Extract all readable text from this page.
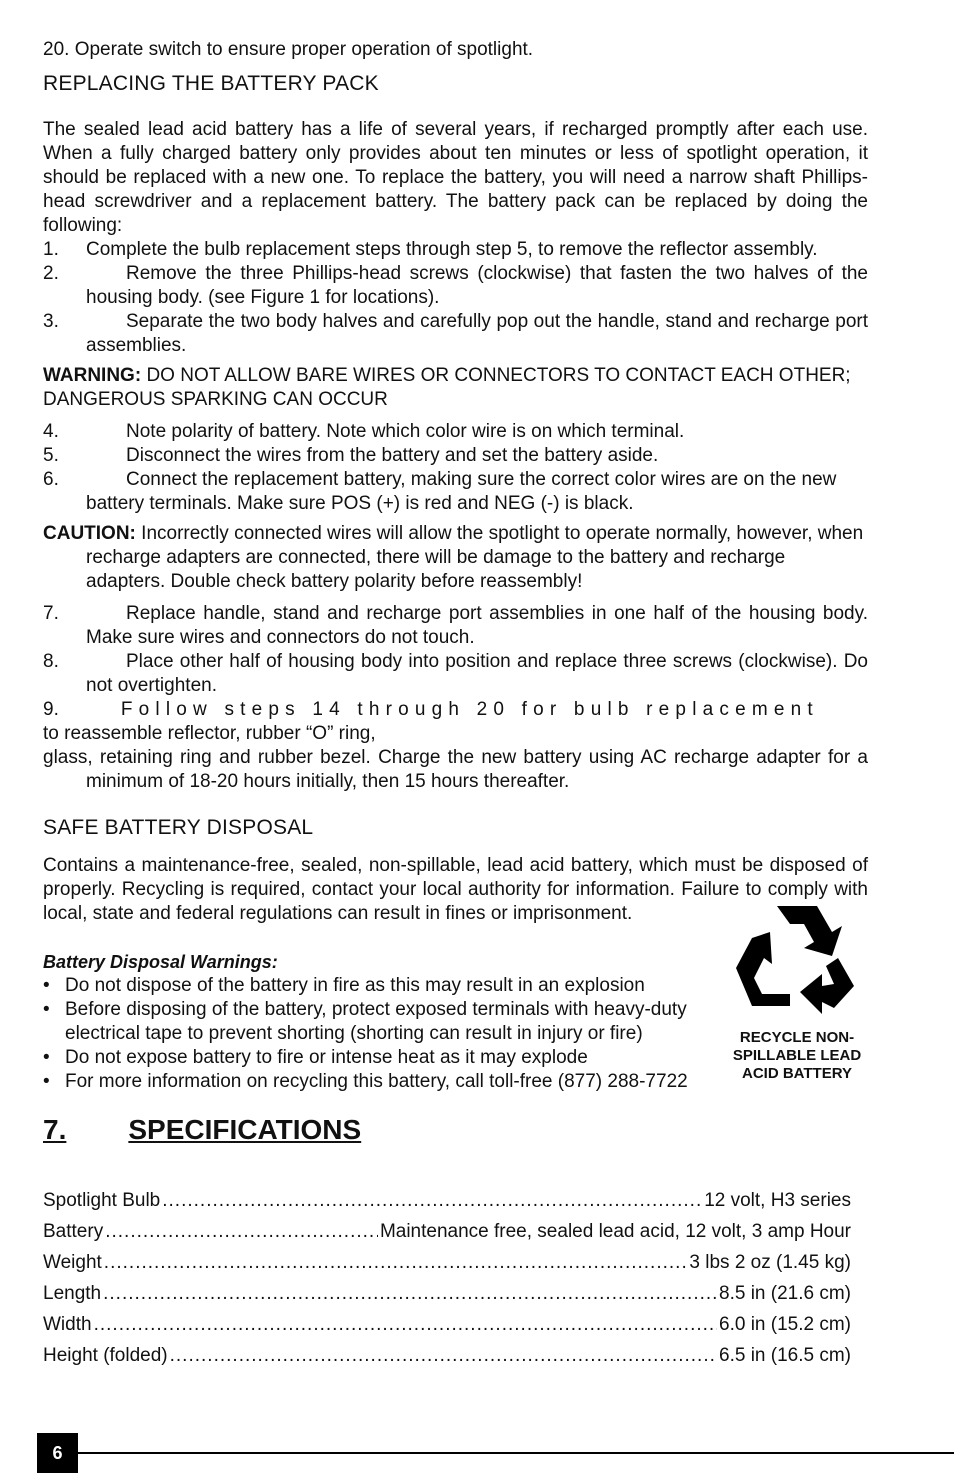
20. Operate switch to ensure proper operation of spotlight.

REPLACING THE BATTERY PACK

The sealed lead acid battery has a life of several years, if recharged promptly after each use. When a fully charged battery only provides about ten minutes or less of spotlight operation, it should be replaced with a new one. To replace the battery, you will need a narrow shaft Phillips-head screwdriver and a replacement battery. The battery pack can be replaced by doing the following:

1. Complete the bulb replacement steps through step 5, to remove the reflector assembly.

2.	Remove the three Phillips-head screws (clockwise) that fasten the two halves of the housing body. (see Figure 1 for locations).

3.	Separate the two body halves and carefully pop out the handle, stand and recharge port assemblies.

WARNING: DO NOT ALLOW BARE WIRES OR CONNECTORS TO CONTACT EACH OTHER; DANGEROUS SPARKING CAN OCCUR

4.	Note polarity of battery. Note which color wire is on which terminal.

5.	Disconnect the wires from the battery and set the battery aside.

6.	Connect the replacement battery, making sure the correct color wires are on the new battery terminals. Make sure POS (+) is red and NEG (-) is black.

CAUTION: Incorrectly connected wires will allow the spotlight to operate normally, however, when recharge adapters are connected, there will be damage to the battery and recharge adapters. Double check battery polarity before reassembly!

7.	Replace handle, stand and recharge port assemblies in one half of the housing body. Make sure wires and connectors do not touch.

8.	Place other half of housing body into position and replace three screws (clockwise). Do not overtighten.

9.	Follow steps 14 through 20 for bulb replacement

to reassemble reflector, rubber “O” ring,

glass, retaining ring and rubber bezel. Charge the new battery using AC recharge adapter for a minimum of 18-20 hours initially, then 15 hours thereafter.

SAFE BATTERY DISPOSAL

Contains a maintenance-free, sealed, non-spillable, lead acid battery, which must be disposed of properly. Recycling is required, contact your local authority for information. Failure to comply with local, state and federal regulations can result in fines or imprisonment.

Battery Disposal Warnings:

• Do not dispose of the battery in fire as this may result in an explosion
• Before disposing of the battery, protect exposed terminals with heavy-duty electrical tape to prevent shorting (shorting can result in injury or fire)
• Do not expose battery to fire or intense heat as it may explode
• For more information on recycling this battery, call toll-free (877) 288-7722
7. SPECIFICATIONS
Spotlight Bulb .....	12 volt, H3 series
Battery .....	Maintenance free, sealed lead acid, 12 volt, 3 amp Hour
Weight .....	3 lbs 2 oz (1.45 kg)
Length .....	8.5 in (21.6 cm)
Width .....	6.0 in (15.2 cm)
Height (folded) .....	6.5 in (16.5 cm)
RECYCLE NON-SPILLABLE LEAD ACID BATTERY
6
